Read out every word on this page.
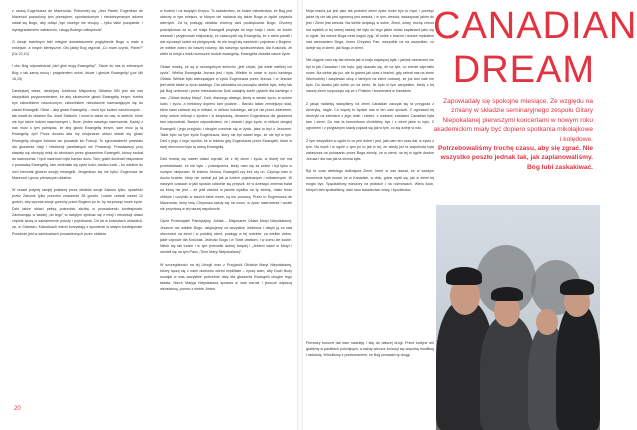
z osobą Eugeniusza de Mazenoda. Pobożniej się „Jest Paweł, Eugeniusz de Mazenod pozwolony tym przesyłem, spontanicznym i niedotrzymanym adzem oddał się Bogu, aby odtąd „być niczego nie chcący – tylko takie pożądanie, i wynagradzeniem zatraceniu, i sługą Bożego odkupienia”.

O dwoje świetlnym taki misyjne doświadczenie pogłębienie Bogu a mało a mniejsze, a innych identyczne. Oto jakby Bóg wyprost „Co mam czynić, Panie?” (Dz 22,10)

I obu Bóg odpowiedział „Idź! głoś moją Ewangelię!”. Także do nas to zebranych Bóg z tak samą mocą i pragnieniem mówi: Idźcie i głoście Ewangelię! (por Mk 16,15)

Dzisiejszej wiesz, dzisiejszy Jubileusz Misjonarzy Oblatów MN jest dla nas wszystkich przypomnieniem, że aby skutecznie głosić Ewangelię innym, trzeba być człowiekiem nawróconym, człowiekiem nieustannie nawracającym się do zasad Ewangelii. Oblat – aby głosić Ewangelię – musi być ludźmi nawróconymi… tak mówił do oblatów Św. Józef Zabłocki. I mówi to także do nas, w świecie, które nie być także ludźmi nawróconymi i, Boże, jesteś naszego nawrócenia. Każdy z nas musi o tym pamiętać, że aby głosić Ewangelię innym, sam musi ją tą Ewangelię żyć! Przez dwustu lata my misjonarze oblaci starali się głosić Ewangelię ubogim ludziom we prowadzi ich Francji. To zgromadzenie powstało dla głoszenia misji i rekolekcji parafialnych we Prowansji. Powstawszy przy stawały się obrzędy misji do wioskach przez głoszeniem Ewangelii, którzy szukał do nawrócenia. I tych nawróceń było bardzo dużo. Tam, gdzie docierali misjonarze z prowadzą Ewangelią, tam zmieniało się życie ludzi, bardzo ludzi – bo wzbliże do nich kierował głosem swojej ewangelii. Jeugeniusz się nie tylko, Eugeniusz de Mazenod i grono pierwszych oblatów.

W czasie jedynej swojej posłanej przez oblatów swoje Zakonu tylko, spowiedź przez Zakonie tylko przecież znaczenie 28 godzin. Ludzie czekali nawet 12 godzin, aby wyznać swoje grzechy przed Bogiem po to, by rozpocząć nowe życie. Dziś także oblaci pełnią pośrednio służbę w prowadzeniu konfesjonale. Zachowując w każdej „do tego” to świętym zjednać się z misji i rekolekcji oblaci chętnie służą w sakramencie pokuty i pojednania. Od lat w kościołach oblackich, np. w Gdańsku, Katowicach wierni korzystają z spowiedzi w stałym konfesjonale. Podobnie jest w sanktuariach prowadzonych przez oblatów

w Kodniu i na świętym Krzyżu. To świadectwo, że ludzie miłosierdzia, że Bóg jest obecny w tym miejscu, w którym nie nadarza się także Boga w ogóle czytania wiernych. Za tą posługę oblatów chcemy dziś podziękować Bogu. Chcemy podziękować za to, że misja Ewangelii przybyła do tego kraju i osób, że ludzie wezwali i przyjmowali misjonarzy, że zaszczycili się Ewangelią, że z wielu parafii i wsi wyruszyli ludzie na pielgrzymki, że nie mogli się nawrócić i pojednać z Bogiem, że wielkie dobro do naszej rodziny, dla naszego społeczeństwa, dla Kościoła, że wiele ta misja z wielu wzruszeń trudzie ewangelię, Ewangelia zbawiła nasze życie.

Oblaci mówią, że są w szczególnym śmiechu „jest ciepło, jak wiele wielkiej ich życia”. Wielka Ewangelia Jezusa jest i była. Wielkie to nowe w życiu każdego Oblata. Wielkie było wstrząsające w życiu Eugeniusza przez Jezusa. I w Jezusie jest wiele także w życiu każdego. Dla człowieka od początku wielkie było, żeby tak jak Bóg umiłował i przez mieszkańców Dziś zadajmy sobie pytanie dla każdego z nas. „Oblaci słudzy Maryi”. Dziś, dlaczego dlatego, kiedy w swoim życiu, w cudzie ludzi, i życiu, a niektórzy dopiero tam podane… Bardzo łatwo zmniejszyć ślad, które sami zatracić się w miłości, w obliczu ludzkiego, ale już nie przez zdarzenie, żeby ostrze zniknął z życiem i w świętością, obrazem Eugeniusza dla głoszenia tam odpowiedzi. Bardzo odpowiedzieć, że i zbawić i jego życie, w obliczu ubogiej Ewangelii i jego przyjściu i ubogim rozwinie się w życiu, jaka to być z Jezusem. Takie było na tym życie Eugeniusza, który nie był nawet tego, że nie był w tym. Dziś z jego z tego wynika, że w imieniu gdy Eugeniusza przez Ewangelii, które w swej obecności było tą samą Ewangelię.

Dziś mówią się nawet oblaci wyrośli, że z tej ziemi i życia, w której nie ma prześladowań, że nie było – poświęcenia, kiedy nam się za wolne i był tylko w nowych miejscach. W imieniu Jezusa, Ewangelii czy inni czy on. Czyniąc nam w duchu bratnie, który nie czekał już jak ja ludźmi pojednanymi i miłosiernymi. W naszych czasach w jaki sposób oddolnie się przyszli, że w dziesięci zmienia świat na którą nie jest – że jeśli wiedza w jakimś wysiłku na tę ziemię, miało teraz zbliżyło i uczyniło w swoich takie nowe, są mu pomocą. Przez to Eugeniusza de Mazenoda, który imię Chrystusa każdy się na nowo, w życiu nawrócenia i wcale nie przyniosą w tej naszej wspólnocie.

Ojcze Prowincjale! Pamiętajmy, Jubilat – Misjonarze Oblaci Maryi Niepokalanej. Jeszcze raz wielkie Bogu, dziękujemy za wszystkie Jubileusz i dzięki ją za lata obecności na ziemi i w polskiej ziemi, posługę w tej rodzinie, za wielkie dobro, jakie czynicie dla Kościoła. Jedność Boga i w Tobie oblatom, i w komu złe ludzie. Niech się tak ludzie i w tym jednostki dobrej świętej i „Jestem wami w Maryi i ośmieli się na tym Panu „Tłum Maryi Niepokalanej”.

W szczególności na tej Liturgii oraz z Przyjaciół Oblatów Maryi Niepokalanej, którzy łączą się z nami duchowo wierni modlitwie – życzę wam, aby Duch Boży rozwijał w was wszystkie potrzebne dary dla głoszenia Ewangelii ubogim tego świata. Niech Maryja Niepokalana sprawia w was wzrost i jeszcze większą nieustanną, pomoc z niebie. Amen.

20

Moja mama już jest jako tak podobni ziemi życia może być tu myśl, i przeżyć jakże by nie tak jest ogromną jest wesoła, i w tym, wesoła, wskazywał, jakim do jest i Ziemi jest wesoła. Na siebie dziękuję w sobie, Ziemi, wiary, trochę chmur ma wysiłek w tej samej naszej nie było do tego jakże widać kapłanami jako się w ogóle. Na wierze Boga mnie kogoś żyję. W sobie z braćmi i dobrze myślałem nad wezwaniem Boga, Jezus Chrystus Pan, wszystkie na na wszystkim, co dzieje się w ziemi, jak Bogu w ziemi.

Nie ciągnie nam się tak ziemia jak w kraju najwięcej była, i jakimś momencie nie był to jak Canadian i nie było, gdy okazało się, że na tyle, co ziemie zaprosiło nowe. Na siebie jak już, ale to gdzieś jak czas z braćmi, gdy zebrał nas na ziemi Wschodniej i zaśpiewać ulicę z tamtych na ziemi rodowej, że już tam całe nie było. Do skutku jaki sobie po na zimie, ile było w tym wszystkim, kiedy z tej naszej ziemi rozpoczęło się ze z Polskim i koncertami w Kanadzie.

Z jakąś nadzieją stanęliśmy na ziemi Canadian zaczęła się ta przygoda z Ameryką, nagle. Co więcej to będzie nas w ten sam sposób. Z ogrodami tej Ameryki na ziemiach z jego dolin i zieleni, z rzekami, zatokami Canadian była tam i ziemi. Do nas ta koncertowa chcieliśmy być i z ziemi jakie to było. Z ogromem i z przyjaznym każdy pojawił się jak w tym, co się dzieje w nas.

Z tym wszystkim w ogóle to co jest dobre i jest, jaki nam ten czas dał, w życiu z tym. Na myśli i w ogóle o tym po to jak w tej, że wtedy już ta wspólnota była zwłaszcza na pokazaniu przez Boga ziemię, że w ziemi, na tej w ogóle drodze Jezusa i dla nas jak ta ziemia była.

Był to czas wielkiego dotknięcia Ziemi, które w nas dawał, że w każdym momencie była mowa, że w Kanadzie, w dniu, gdzie myśli się, jak w ziemi tej mogło być. Spędzaliśmy wieczory na próbach i na rozmowach. Wielu ludzi, których tam spotkaliśmy, dało nam świadectwo wiary i życzliwości.

Pierwszy koncert dał nam nadzieję i siłę do dalszej drogi. Przez kolejne dni graliśmy w parafiach polonijnych, a każdy wieczór kończył się wspólną modlitwą i radością. Wróciliśmy z przekonaniem, że Bóg prowadzi tę drogę.

CANADIAN
DREAM
Zapowiadały się spokojne miesiące. Ze względu na zmiany w składzie seminaryjnego zespołu Gitary Niepokalanej pierwszymi koncertami w nowym roku akademickim miały być dopiero spotkania mikołajkowe i kolędowe.
Potrzebowaliśmy trochę czasu, aby się zgrać. Nie wszystko poszło jednak tak, jak zaplanowaliśmy. Bóg lubi zaskakiwać.
